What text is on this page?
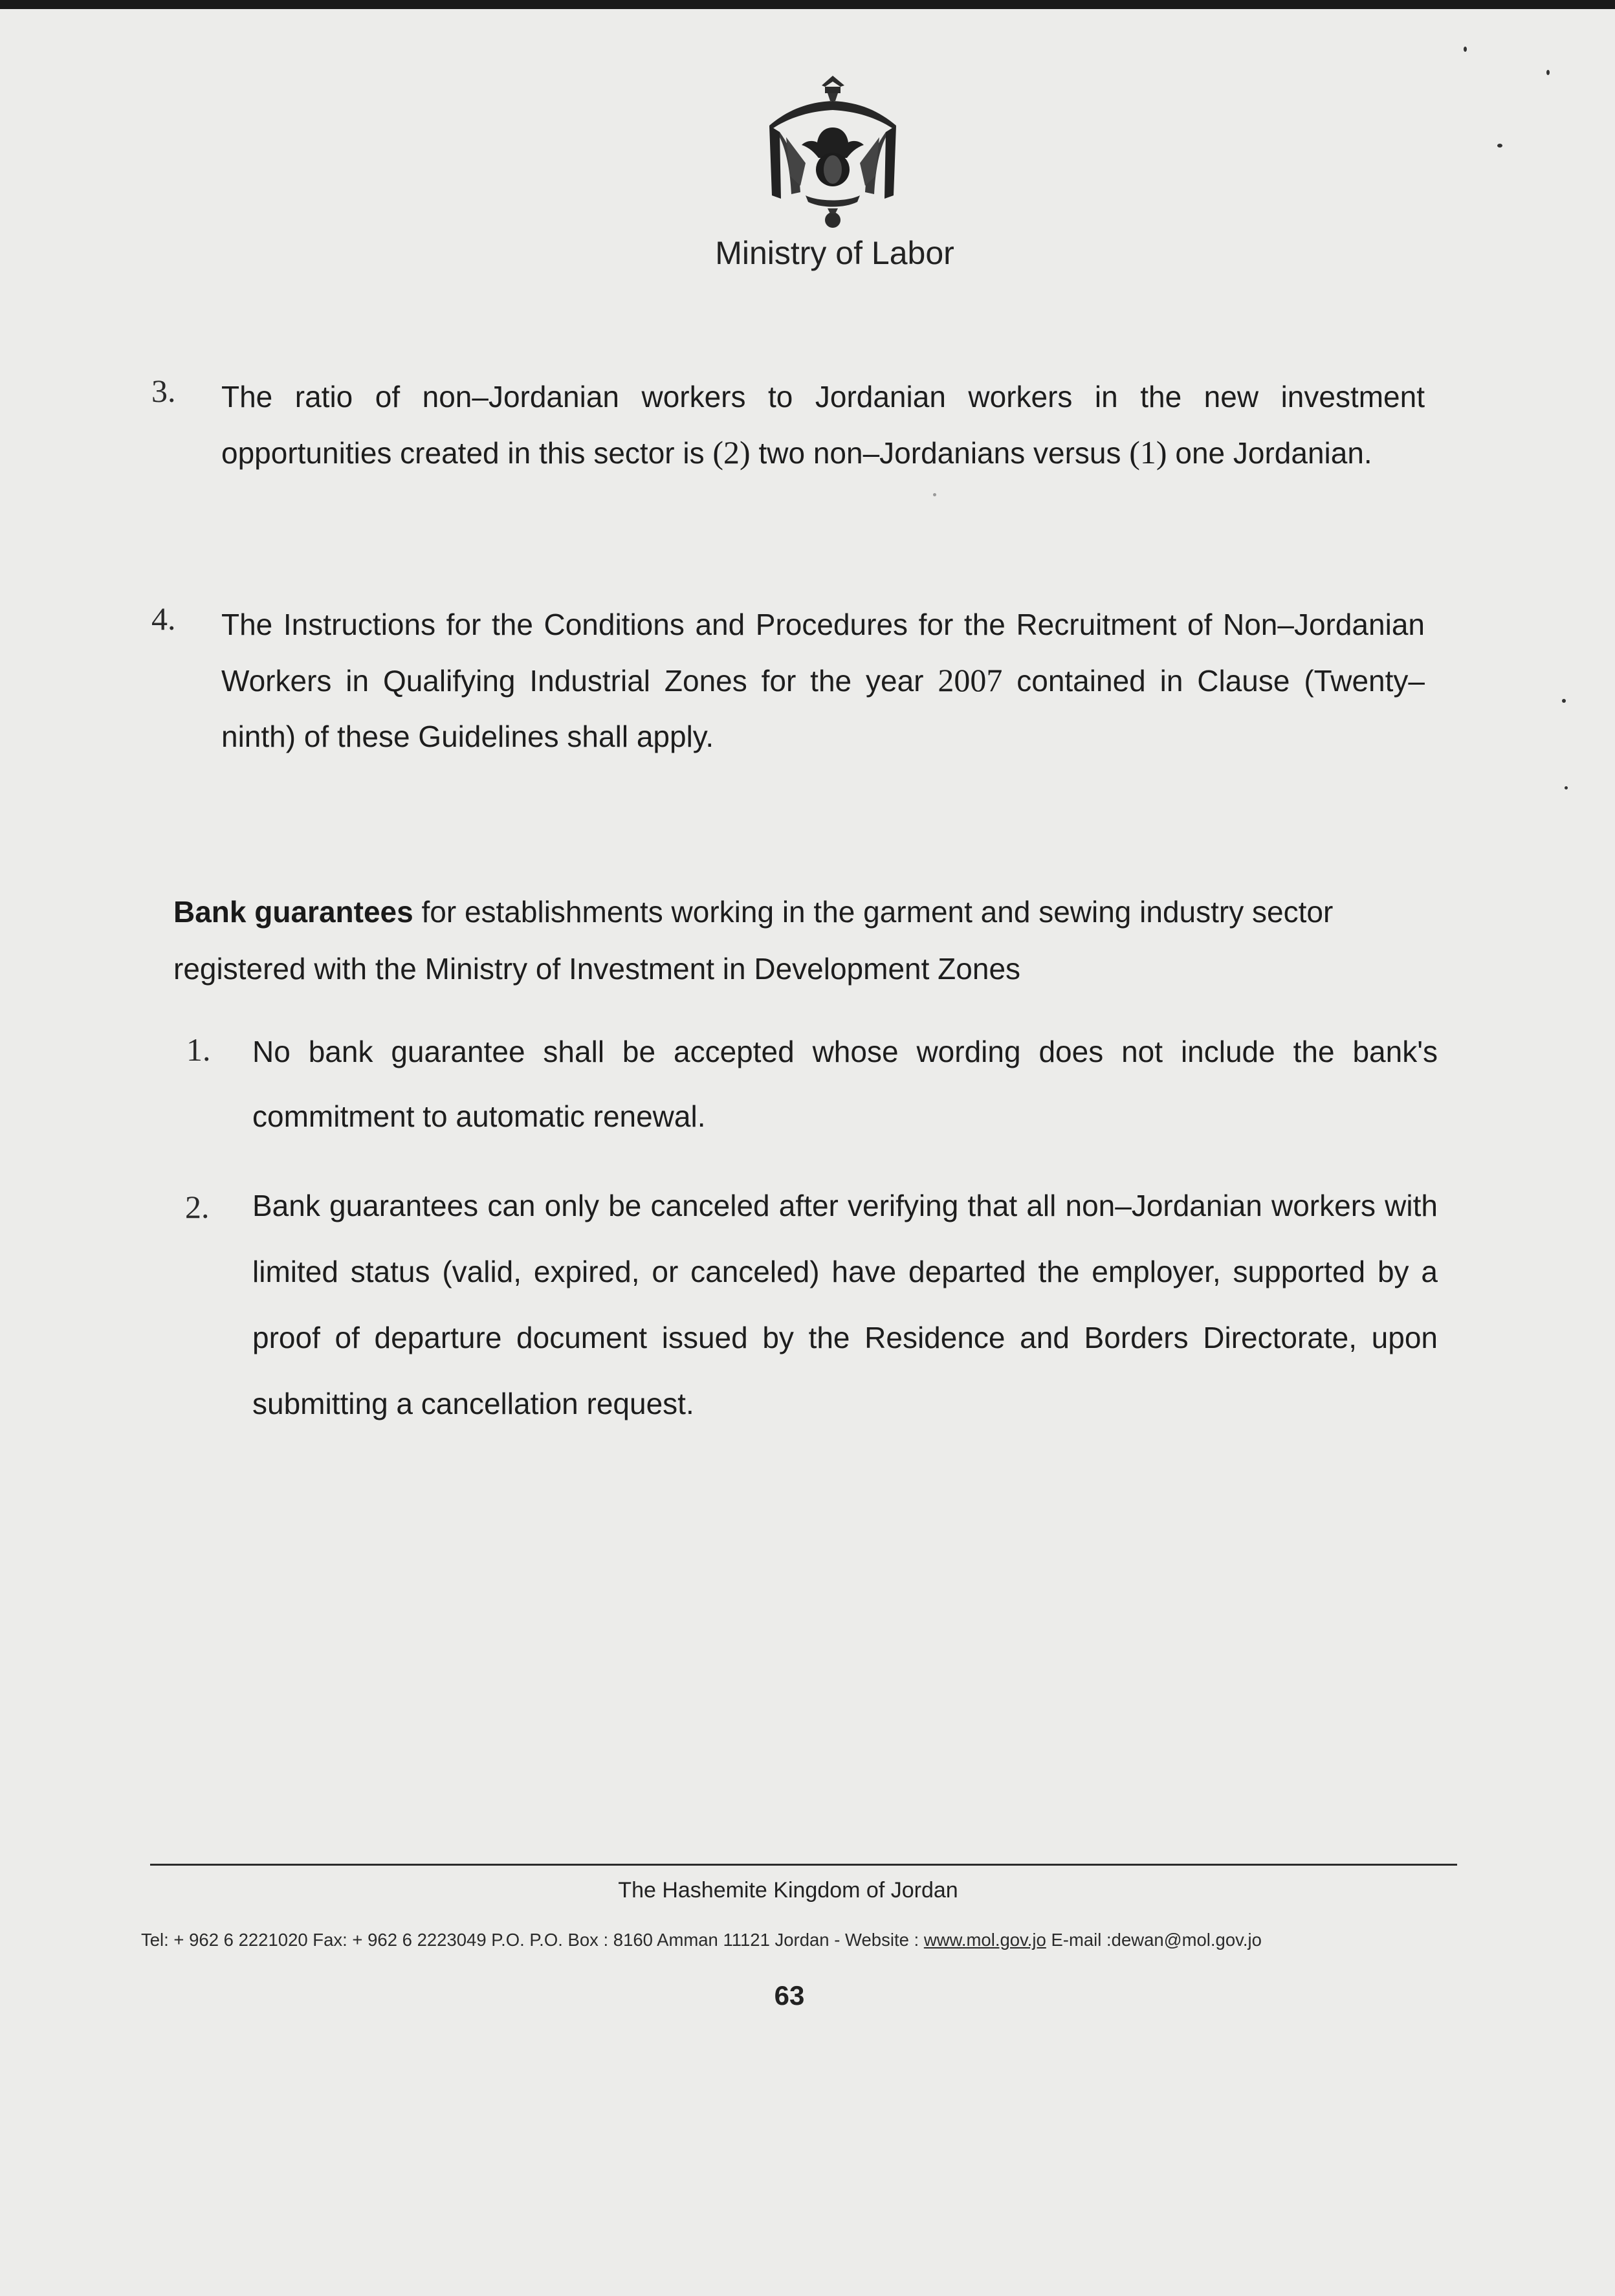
Ministry of Labor
3. The ratio of non–Jordanian workers to Jordanian workers in the new investment opportunities created in this sector is (2) two non–Jordanians versus (1) one Jordanian.
4. The Instructions for the Conditions and Procedures for the Recruitment of Non–Jordanian Workers in Qualifying Industrial Zones for the year 2007 contained in Clause (Twenty–ninth) of these Guidelines shall apply.
Bank guarantees for establishments working in the garment and sewing industry sector registered with the Ministry of Investment in Development Zones
1. No bank guarantee shall be accepted whose wording does not include the bank's commitment to automatic renewal.
2. Bank guarantees can only be canceled after verifying that all non–Jordanian workers with limited status (valid, expired, or canceled) have departed the employer, supported by a proof of departure document issued by the Residence and Borders Directorate, upon submitting a cancellation request.
The Hashemite Kingdom of Jordan
Tel: + 962 6 2221020 Fax: + 962 6 2223049 P.O. P.O. Box : 8160 Amman 11121 Jordan - Website : www.mol.gov.jo E-mail :dewan@mol.gov.jo
63
